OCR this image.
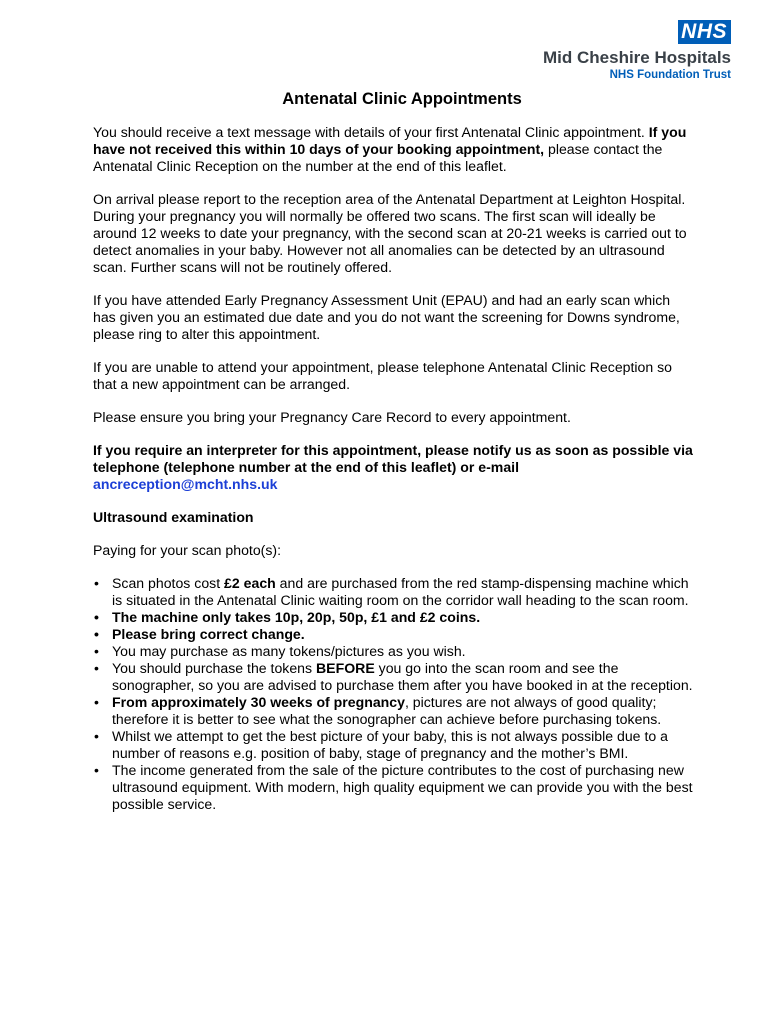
NHS
Mid Cheshire Hospitals
NHS Foundation Trust
Antenatal Clinic Appointments

You should receive a text message with details of your first Antenatal Clinic appointment. If you have not received this within 10 days of your booking appointment, please contact the Antenatal Clinic Reception on the number at the end of this leaflet.

On arrival please report to the reception area of the Antenatal Department at Leighton Hospital. During your pregnancy you will normally be offered two scans. The first scan will ideally be around 12 weeks to date your pregnancy, with the second scan at 20-21 weeks is carried out to detect anomalies in your baby. However not all anomalies can be detected by an ultrasound scan. Further scans will not be routinely offered.

If you have attended Early Pregnancy Assessment Unit (EPAU) and had an early scan which has given you an estimated due date and you do not want the screening for Downs syndrome, please ring to alter this appointment.

If you are unable to attend your appointment, please telephone Antenatal Clinic Reception so that a new appointment can be arranged.

Please ensure you bring your Pregnancy Care Record to every appointment.

If you require an interpreter for this appointment, please notify us as soon as possible via telephone (telephone number at the end of this leaflet) or e-mail
ancreception@mcht.nhs.uk

Ultrasound examination

Paying for your scan photo(s):

• Scan photos cost £2 each and are purchased from the red stamp-dispensing machine which is situated in the Antenatal Clinic waiting room on the corridor wall heading to the scan room.
• The machine only takes 10p, 20p, 50p, £1 and £2 coins.
• Please bring correct change.
• You may purchase as many tokens/pictures as you wish.
• You should purchase the tokens BEFORE you go into the scan room and see the sonographer, so you are advised to purchase them after you have booked in at the reception.
• From approximately 30 weeks of pregnancy, pictures are not always of good quality; therefore it is better to see what the sonographer can achieve before purchasing tokens.
• Whilst we attempt to get the best picture of your baby, this is not always possible due to a number of reasons e.g. position of baby, stage of pregnancy and the mother’s BMI.
• The income generated from the sale of the picture contributes to the cost of purchasing new ultrasound equipment. With modern, high quality equipment we can provide you with the best possible service.
